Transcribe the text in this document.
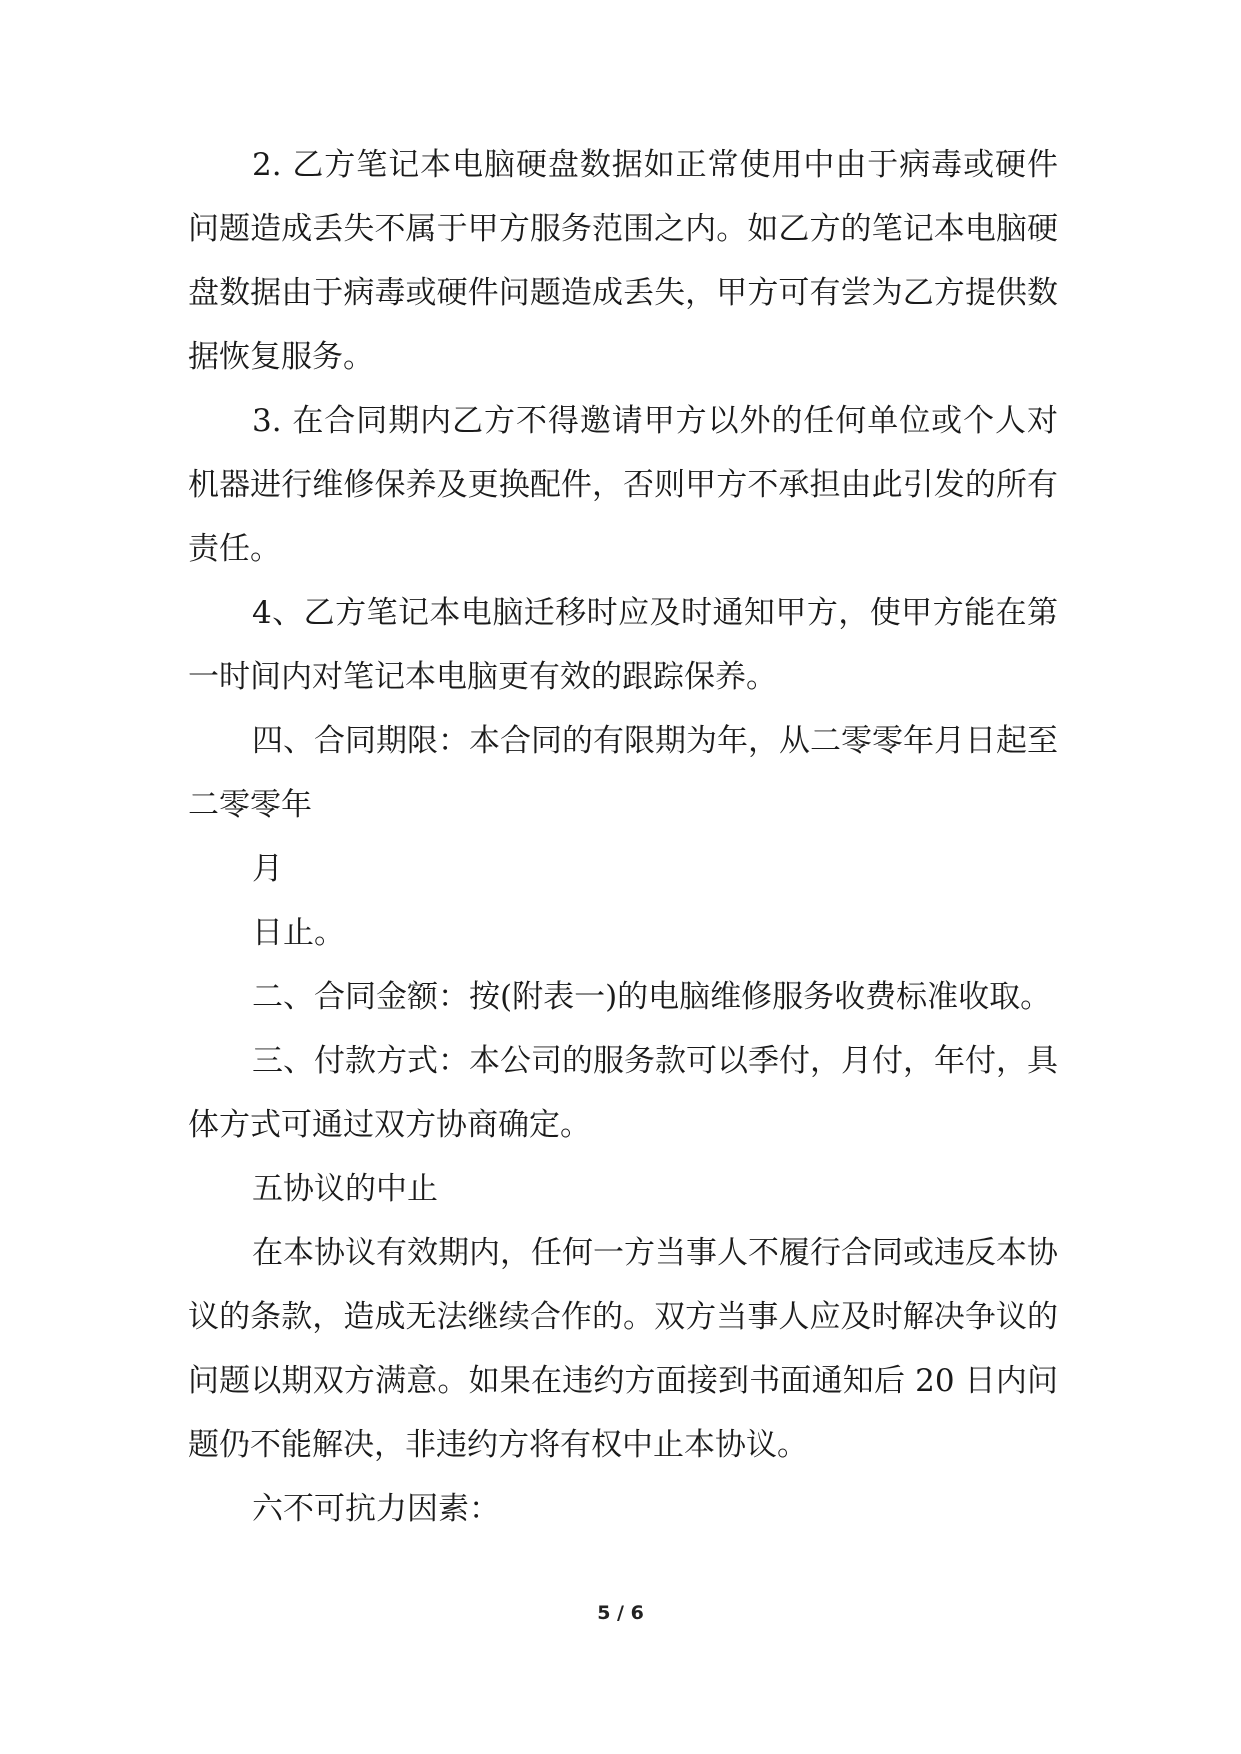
2. 乙方笔记本电脑硬盘数据如正常使用中由于病毒或硬件
问题造成丢失不属于甲方服务范围之内。如乙方的笔记本电脑硬
盘数据由于病毒或硬件问题造成丢失，甲方可有尝为乙方提供数
据恢复服务。
3. 在合同期内乙方不得邀请甲方以外的任何单位或个人对
机器进行维修保养及更换配件，否则甲方不承担由此引发的所有
责任。
4、乙方笔记本电脑迁移时应及时通知甲方，使甲方能在第
一时间内对笔记本电脑更有效的跟踪保养。
四、合同期限：本合同的有限期为年，从二零零年月日起至
二零零年
月
日止。
二、合同金额：按(附表一)的电脑维修服务收费标准收取。
三、付款方式：本公司的服务款可以季付，月付，年付，具
体方式可通过双方协商确定。
五协议的中止
在本协议有效期内，任何一方当事人不履行合同或违反本协
议的条款，造成无法继续合作的。双方当事人应及时解决争议的
问题以期双方满意。如果在违约方面接到书面通知后 20 日内问
题仍不能解决，非违约方将有权中止本协议。
六不可抗力因素：
5 / 6
